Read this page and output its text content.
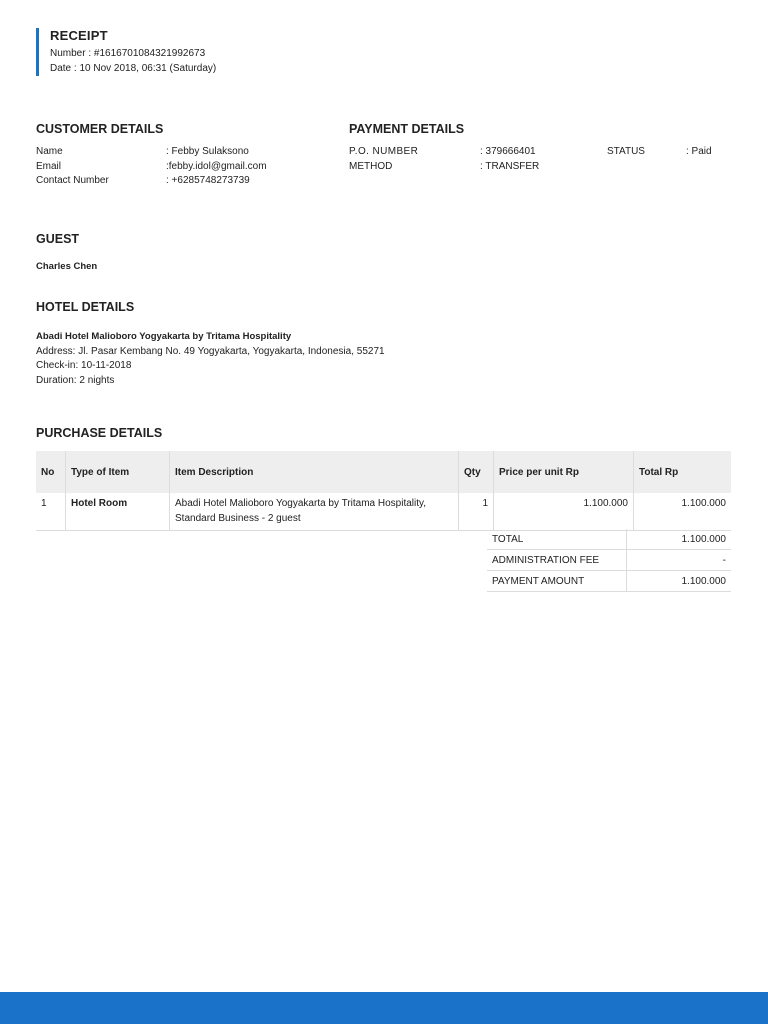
RECEIPT
Number : #1616701084321992673
Date : 10 Nov 2018, 06:31 (Saturday)
CUSTOMER DETAILS
Name	: Febby Sulaksono
Email	:febby.idol@gmail.com
Contact Number	: +6285748273739
PAYMENT DETAILS
P.O. NUMBER	: 379666401	STATUS	: Paid
METHOD	: TRANSFER
GUEST
Charles Chen
HOTEL DETAILS
Abadi Hotel Malioboro Yogyakarta by Tritama Hospitality
Address: Jl. Pasar Kembang No. 49 Yogyakarta, Yogyakarta, Indonesia, 55271
Check-in: 10-11-2018
Duration: 2 nights
PURCHASE DETAILS
No	Type of Item	Item Description	Qty	Price per unit Rp	Total Rp
1	Hotel Room	Abadi Hotel Malioboro Yogyakarta by Tritama Hospitality,
Standard Business - 2 guest	1	1.100.000	1.100.000
TOTAL	1.100.000
ADMINISTRATION FEE	-
PAYMENT AMOUNT	1.100.000
